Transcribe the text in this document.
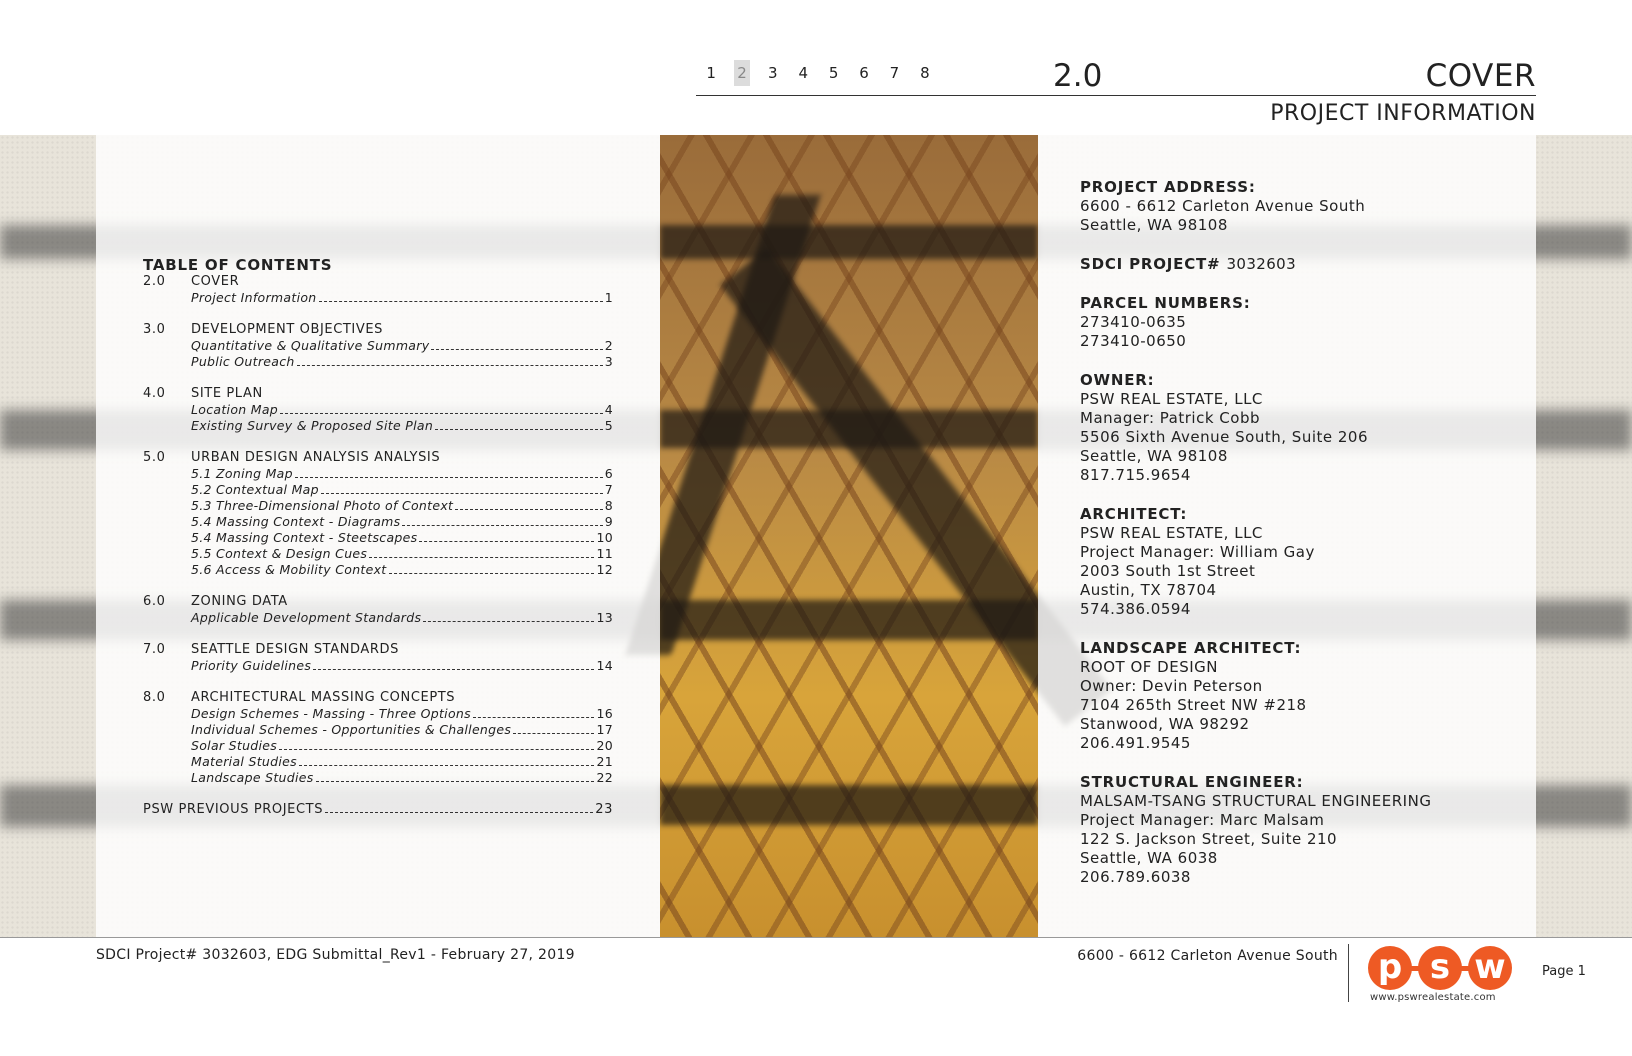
1	2	3	4	5	6	7	8	2.0	COVER
PROJECT INFORMATION
TABLE OF CONTENTS
2.0	COVER
Project Information	1
3.0	DEVELOPMENT OBJECTIVES
Quantitative & Qualitative Summary	2
Public Outreach	3
4.0	SITE PLAN
Location Map	4
Existing Survey & Proposed Site Plan	5
5.0	URBAN DESIGN ANALYSIS ANALYSIS
5.1 Zoning Map	6
5.2 Contextual Map	7
5.3 Three-Dimensional Photo of Context	8
5.4 Massing Context - Diagrams	9
5.4 Massing Context - Steetscapes	10
5.5 Context & Design Cues	11
5.6 Access & Mobility Context	12
6.0	ZONING DATA
Applicable Development Standards	13
7.0	SEATTLE DESIGN STANDARDS
Priority Guidelines	14
8.0	ARCHITECTURAL MASSING CONCEPTS
Design Schemes - Massing - Three Options	16
Individual Schemes - Opportunities & Challenges	17
Solar Studies	20
Material Studies	21
Landscape Studies	22
PSW PREVIOUS PROJECTS	23
PROJECT ADDRESS:
6600 - 6612 Carleton Avenue South
Seattle, WA 98108
SDCI PROJECT# 3032603
PARCEL NUMBERS:
273410-0635
273410-0650
OWNER:
PSW REAL ESTATE, LLC
Manager: Patrick Cobb
5506 Sixth Avenue South, Suite 206
Seattle, WA 98108
817.715.9654
ARCHITECT:
PSW REAL ESTATE, LLC
Project Manager: William Gay
2003 South 1st Street
Austin, TX 78704
574.386.0594
LANDSCAPE ARCHITECT:
ROOT OF DESIGN
Owner: Devin Peterson
7104 265th Street NW #218
Stanwood, WA 98292
206.491.9545
STRUCTURAL ENGINEER:
MALSAM-TSANG STRUCTURAL ENGINEERING
Project Manager: Marc Malsam
122 S. Jackson Street, Suite 210
Seattle, WA 6038
206.789.6038
SDCI Project# 3032603, EDG Submittal_Rev1 - February 27, 2019	6600 - 6612 Carleton Avenue South p s w
www.pswrealestate.com
Page 1
